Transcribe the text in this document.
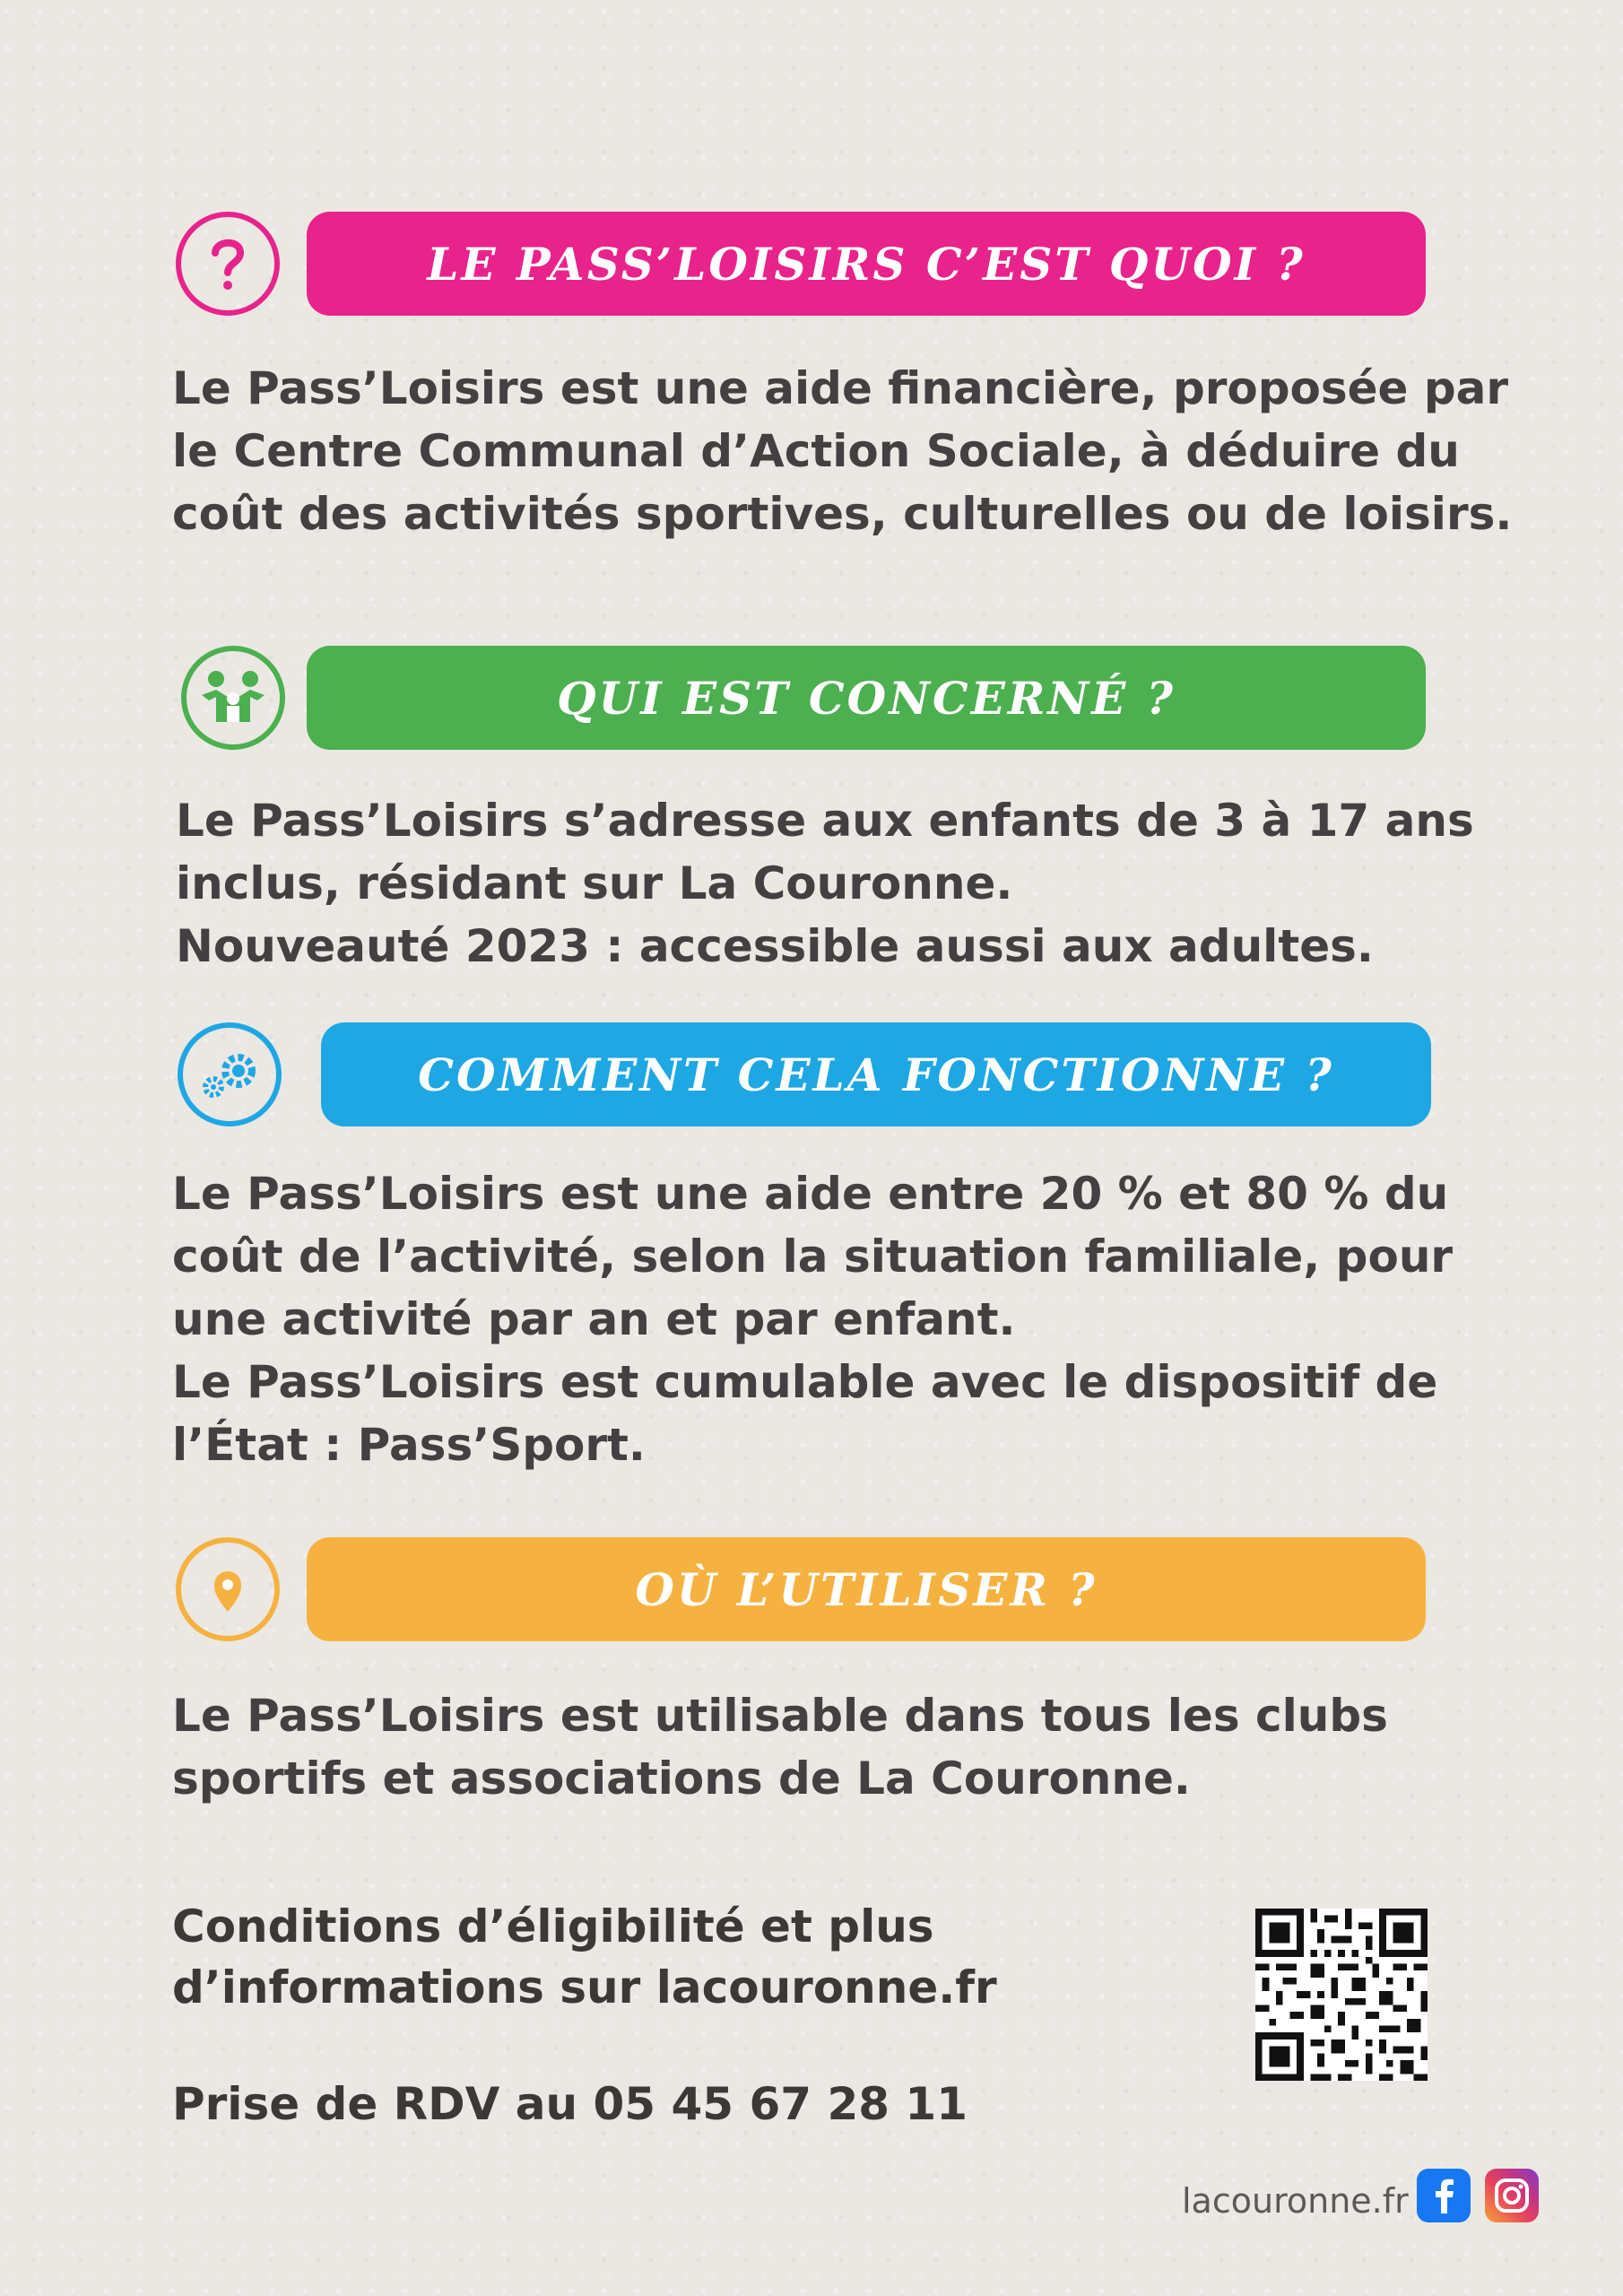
LE PASS’LOISIRS C’EST QUOI ?
Le Pass’Loisirs est une aide financière, proposée par
le Centre Communal d’Action Sociale, à déduire du
coût des activités sportives, culturelles ou de loisirs.
QUI EST CONCERNÉ ?
Le Pass’Loisirs s’adresse aux enfants de 3 à 17 ans
inclus, résidant sur La Couronne.
Nouveauté 2023 : accessible aussi aux adultes.
COMMENT CELA FONCTIONNE ?
Le Pass’Loisirs est une aide entre 20 % et 80 % du
coût de l’activité, selon la situation familiale, pour
une activité par an et par enfant.
Le Pass’Loisirs est cumulable avec le dispositif de
l’État : Pass’Sport.
OÙ L’UTILISER ?
Le Pass’Loisirs est utilisable dans tous les clubs
sportifs et associations de La Couronne.
Conditions d’éligibilité et plus
d’informations sur lacouronne.fr
Prise de RDV au 05 45 67 28 11
lacouronne.fr
